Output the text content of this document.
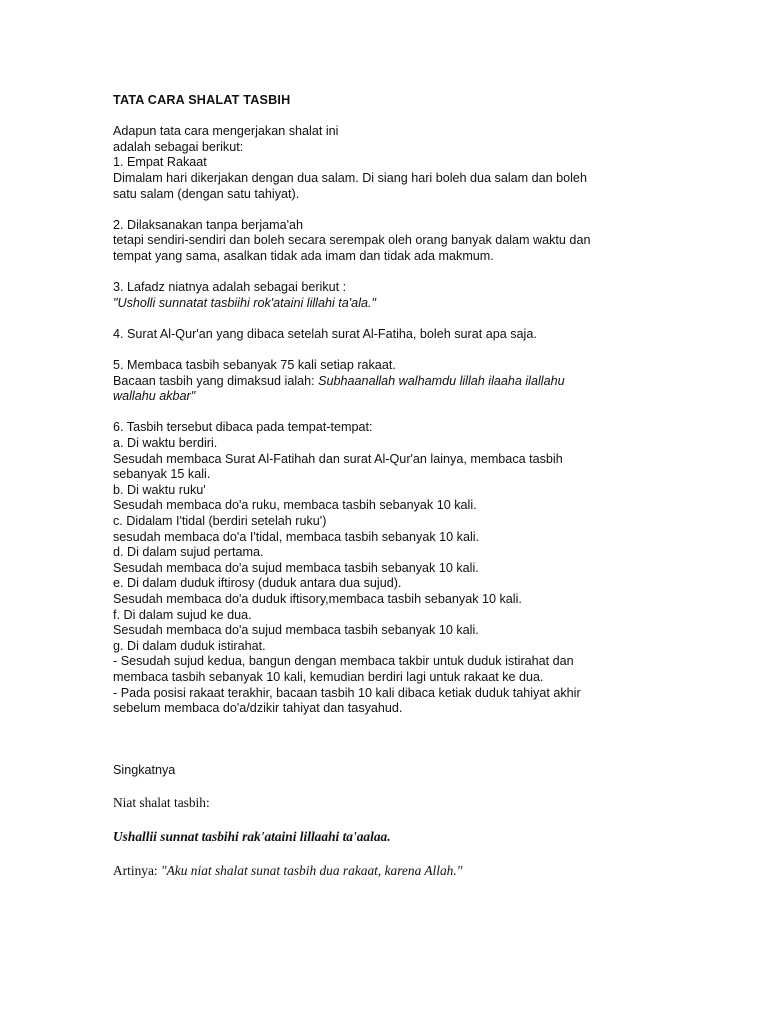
TATA CARA SHALAT TASBIH
Adapun tata cara mengerjakan shalat ini
adalah sebagai berikut:
1. Empat Rakaat
Dimalam hari dikerjakan dengan dua salam. Di siang hari boleh dua salam dan boleh
satu salam (dengan satu tahiyat).
2. Dilaksanakan tanpa berjama'ah
tetapi sendiri-sendiri dan boleh secara serempak oleh orang banyak dalam waktu dan
tempat yang sama, asalkan tidak ada imam dan tidak ada makmum.
3. Lafadz niatnya adalah sebagai berikut :
"Usholli sunnatat tasbiihi rok'ataini lillahi ta'ala."
4. Surat Al-Qur'an yang dibaca setelah surat Al-Fatiha, boleh surat apa saja.
5. Membaca tasbih sebanyak 75 kali setiap rakaat.
Bacaan tasbih yang dimaksud ialah: Subhaanallah walhamdu lillah ilaaha ilallahu
wallahu akbar"
6. Tasbih tersebut dibaca pada tempat-tempat:
a. Di waktu berdiri.
Sesudah membaca Surat Al-Fatihah dan surat Al-Qur'an lainya, membaca tasbih
sebanyak 15 kali.
b. Di waktu ruku'
Sesudah membaca do'a ruku, membaca tasbih sebanyak 10 kali.
c. Didalam I'tidal (berdiri setelah ruku')
sesudah membaca do'a I'tidal, membaca tasbih sebanyak 10 kali.
d. Di dalam sujud pertama.
Sesudah membaca do'a sujud membaca tasbih sebanyak 10 kali.
e. Di dalam duduk iftirosy (duduk antara dua sujud).
Sesudah membaca do'a duduk iftisory,membaca tasbih sebanyak 10 kali.
f. Di dalam sujud ke dua.
Sesudah membaca do'a sujud membaca tasbih sebanyak 10 kali.
g. Di dalam duduk istirahat.
- Sesudah sujud kedua, bangun dengan membaca takbir untuk duduk istirahat dan
membaca tasbih sebanyak 10 kali, kemudian berdiri lagi untuk rakaat ke dua.
- Pada posisi rakaat terakhir, bacaan tasbih 10 kali dibaca ketiak duduk tahiyat akhir
sebelum membaca do'a/dzikir tahiyat dan tasyahud.
Singkatnya
Niat shalat tasbih:
Ushallii sunnat tasbihi rak'ataini lillaahi ta'aalaa.
Artinya: "Aku niat shalat sunat tasbih dua rakaat, karena Allah."
